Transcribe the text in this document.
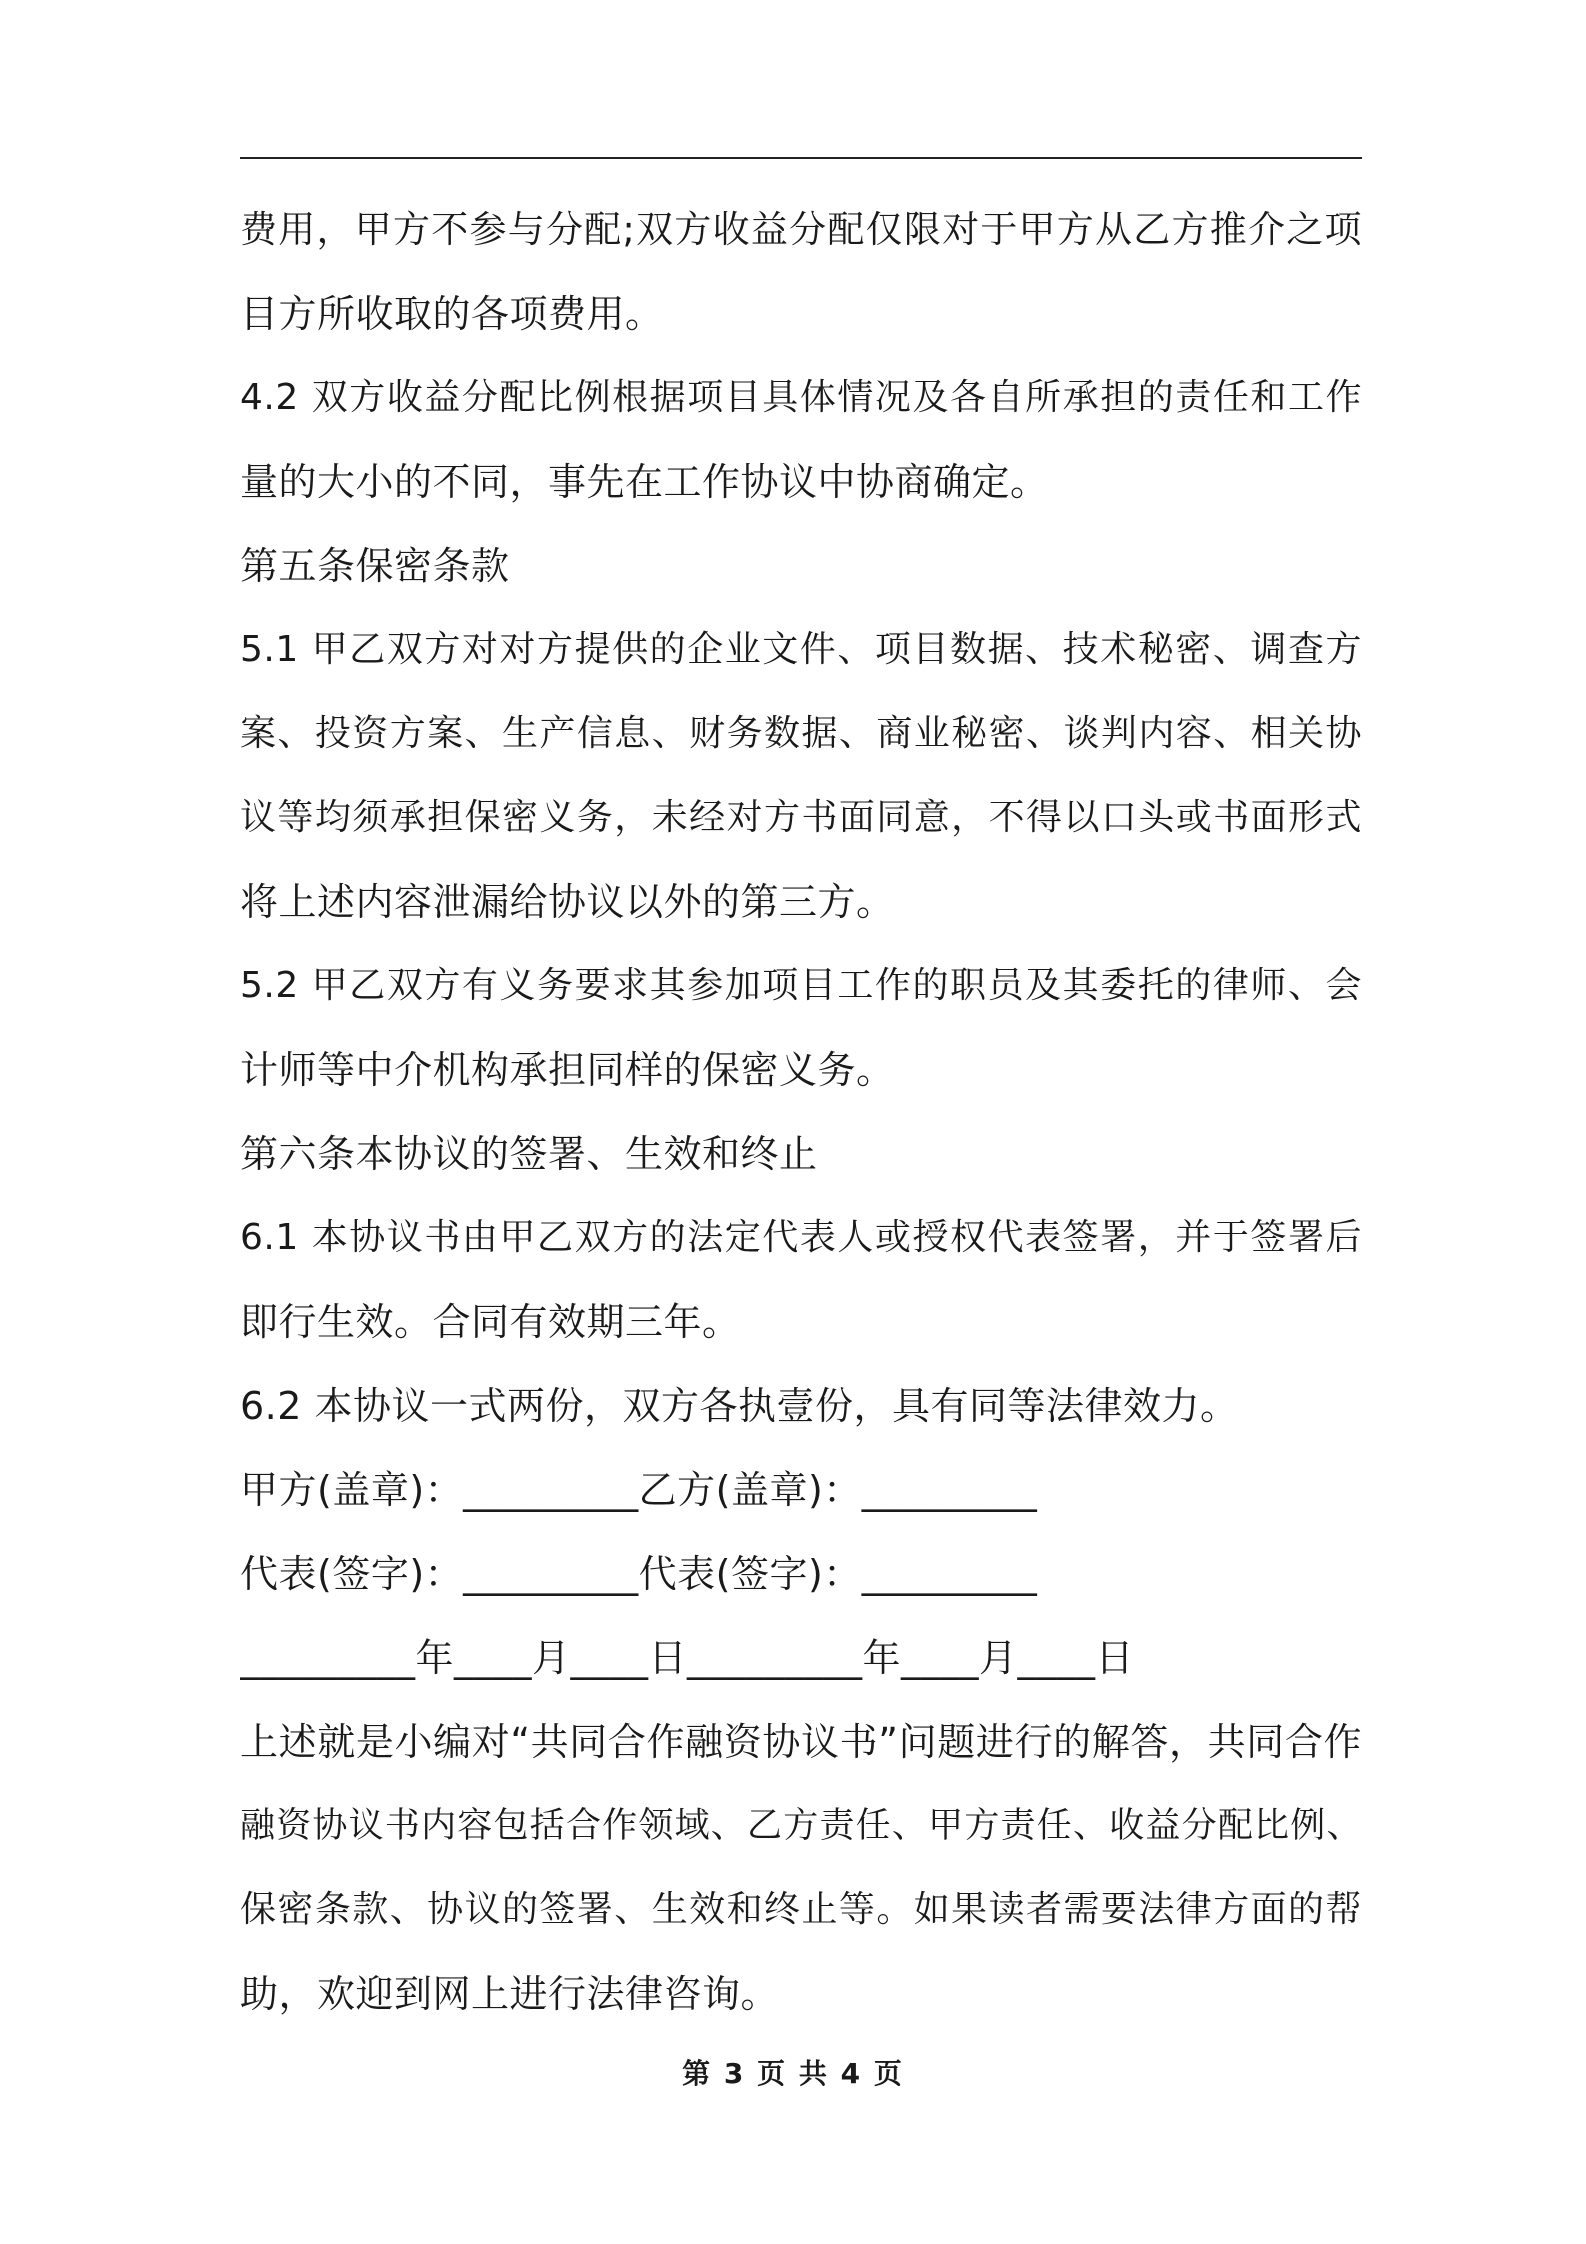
费用，甲方不参与分配;双方收益分配仅限对于甲方从乙方推介之项
目方所收取的各项费用。
4.2 双方收益分配比例根据项目具体情况及各自所承担的责任和工作
量的大小的不同，事先在工作协议中协商确定。
第五条保密条款
5.1 甲乙双方对对方提供的企业文件、项目数据、技术秘密、调查方
案、投资方案、生产信息、财务数据、商业秘密、谈判内容、相关协
议等均须承担保密义务，未经对方书面同意，不得以口头或书面形式
将上述内容泄漏给协议以外的第三方。
5.2 甲乙双方有义务要求其参加项目工作的职员及其委托的律师、会
计师等中介机构承担同样的保密义务。
第六条本协议的签署、生效和终止
6.1 本协议书由甲乙双方的法定代表人或授权代表签署，并于签署后
即行生效。合同有效期三年。
6.2 本协议一式两份，双方各执壹份，具有同等法律效力。
甲方(盖章)：_________乙方(盖章)：_________
代表(签字)：_________代表(签字)：_________
_________年____月____日_________年____月____日
上述就是小编对“共同合作融资协议书”问题进行的解答，共同合作
融资协议书内容包括合作领域、乙方责任、甲方责任、收益分配比例、
保密条款、协议的签署、生效和终止等。如果读者需要法律方面的帮
助，欢迎到网上进行法律咨询。
第 3 页 共 4 页
